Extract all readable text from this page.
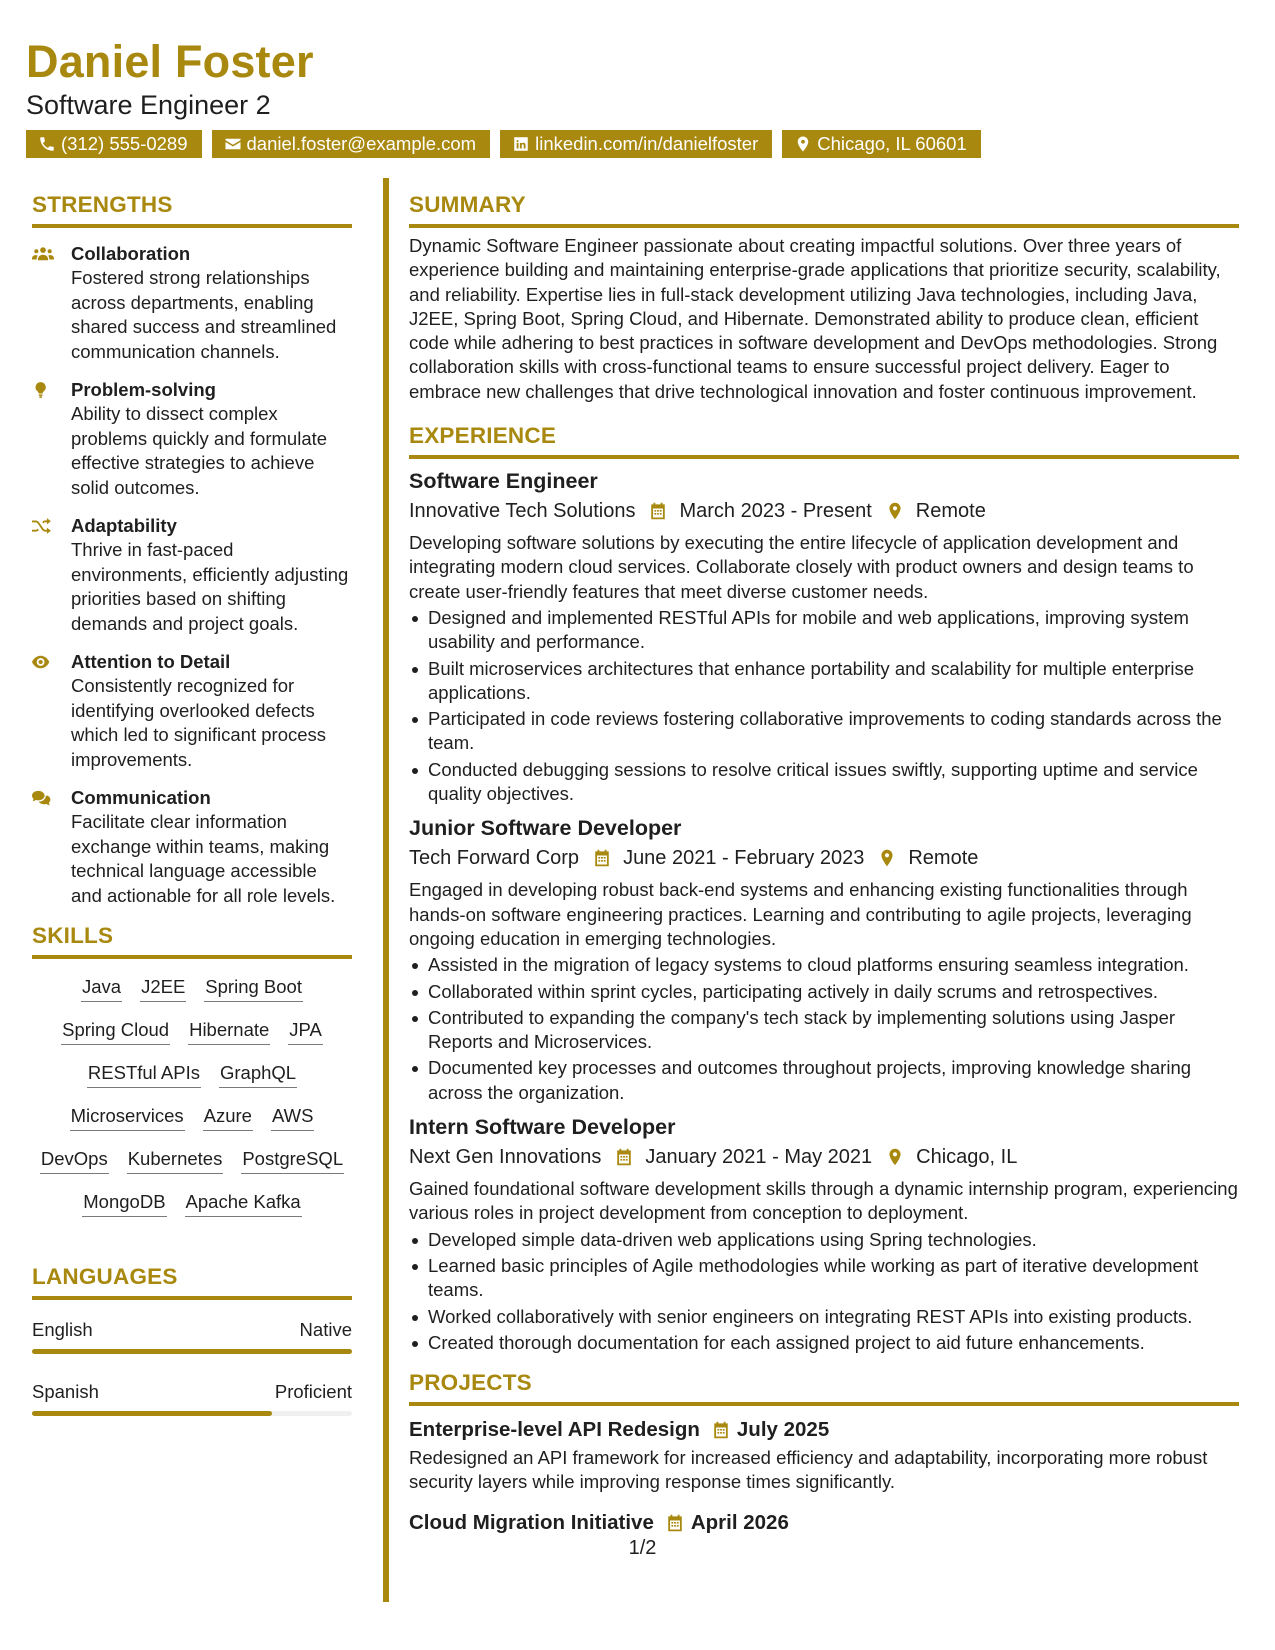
Daniel Foster
Software Engineer 2
(312) 555-0289	daniel.foster@example.com	linkedin.com/in/danielfoster	Chicago, IL 60601
STRENGTHS
Collaboration
Fostered strong relationships across departments, enabling shared success and streamlined communication channels.
Problem-solving
Ability to dissect complex problems quickly and formulate effective strategies to achieve solid outcomes.
Adaptability
Thrive in fast-paced environments, efficiently adjusting priorities based on shifting demands and project goals.
Attention to Detail
Consistently recognized for identifying overlooked defects which led to significant process improvements.
Communication
Facilitate clear information exchange within teams, making technical language accessible and actionable for all role levels.
SKILLS
Java J2EE Spring Boot
Spring Cloud Hibernate JPA
RESTful APIs GraphQL
Microservices Azure AWS
DevOps Kubernetes PostgreSQL
MongoDB Apache Kafka
LANGUAGES
English	Native
Spanish	Proficient
SUMMARY
Dynamic Software Engineer passionate about creating impactful solutions. Over three years of experience building and maintaining enterprise-grade applications that prioritize security, scalability, and reliability. Expertise lies in full-stack development utilizing Java technologies, including Java, J2EE, Spring Boot, Spring Cloud, and Hibernate. Demonstrated ability to produce clean, efficient code while adhering to best practices in software development and DevOps methodologies. Strong collaboration skills with cross-functional teams to ensure successful project delivery. Eager to embrace new challenges that drive technological innovation and foster continuous improvement.
EXPERIENCE
Software Engineer
Innovative Tech Solutions March 2023 - Present Remote
Developing software solutions by executing the entire lifecycle of application development and integrating modern cloud services. Collaborate closely with product owners and design teams to create user-friendly features that meet diverse customer needs.
Designed and implemented RESTful APIs for mobile and web applications, improving system usability and performance.
Built microservices architectures that enhance portability and scalability for multiple enterprise applications.
Participated in code reviews fostering collaborative improvements to coding standards across the team.
Conducted debugging sessions to resolve critical issues swiftly, supporting uptime and service quality objectives.
Junior Software Developer
Tech Forward Corp June 2021 - February 2023 Remote
Engaged in developing robust back-end systems and enhancing existing functionalities through hands-on software engineering practices. Learning and contributing to agile projects, leveraging ongoing education in emerging technologies.
Assisted in the migration of legacy systems to cloud platforms ensuring seamless integration.
Collaborated within sprint cycles, participating actively in daily scrums and retrospectives.
Contributed to expanding the company's tech stack by implementing solutions using Jasper Reports and Microservices.
Documented key processes and outcomes throughout projects, improving knowledge sharing across the organization.
Intern Software Developer
Next Gen Innovations January 2021 - May 2021 Chicago, IL
Gained foundational software development skills through a dynamic internship program, experiencing various roles in project development from conception to deployment.
Developed simple data-driven web applications using Spring technologies.
Learned basic principles of Agile methodologies while working as part of iterative development teams.
Worked collaboratively with senior engineers on integrating REST APIs into existing products.
Created thorough documentation for each assigned project to aid future enhancements.
PROJECTS
Enterprise-level API Redesign July 2025
Redesigned an API framework for increased efficiency and adaptability, incorporating more robust security layers while improving response times significantly.
Cloud Migration Initiative April 2026
1/2
